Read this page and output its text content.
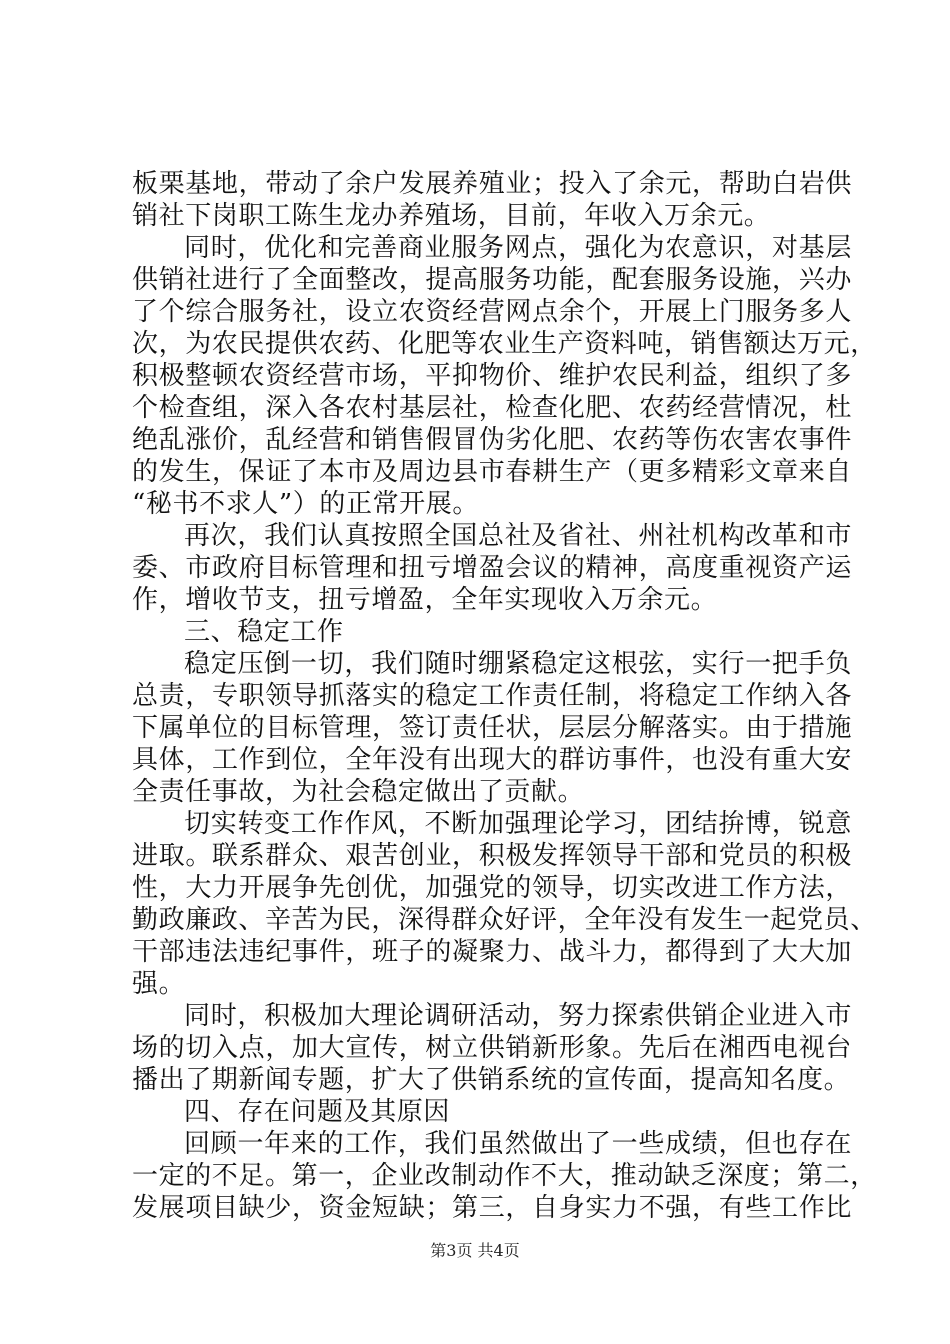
板栗基地，带动了余户发展养殖业；投入了余元，帮助白岩供
销社下岗职工陈生龙办养殖场，目前，年收入万余元。
同时，优化和完善商业服务网点，强化为农意识，对基层
供销社进行了全面整改，提高服务功能，配套服务设施，兴办
了个综合服务社，设立农资经营网点余个，开展上门服务多人
次，为农民提供农药、化肥等农业生产资料吨，销售额达万元，
积极整顿农资经营市场，平抑物价、维护农民利益，组织了多
个检查组，深入各农村基层社，检查化肥、农药经营情况，杜
绝乱涨价，乱经营和销售假冒伪劣化肥、农药等伤农害农事件
的发生，保证了本市及周边县市春耕生产（更多精彩文章来自
“秘书不求人”）的正常开展。
再次，我们认真按照全国总社及省社、州社机构改革和市
委、市政府目标管理和扭亏增盈会议的精神，高度重视资产运
作，增收节支，扭亏增盈，全年实现收入万余元。
三、稳定工作
稳定压倒一切，我们随时绷紧稳定这根弦，实行一把手负
总责，专职领导抓落实的稳定工作责任制，将稳定工作纳入各
下属单位的目标管理，签订责任状，层层分解落实。由于措施
具体，工作到位，全年没有出现大的群访事件，也没有重大安
全责任事故，为社会稳定做出了贡献。
切实转变工作作风，不断加强理论学习，团结拚博，锐意
进取。联系群众、艰苦创业，积极发挥领导干部和党员的积极
性，大力开展争先创优，加强党的领导，切实改进工作方法，
勤政廉政、辛苦为民，深得群众好评，全年没有发生一起党员、
干部违法违纪事件，班子的凝聚力、战斗力，都得到了大大加
强。
同时，积极加大理论调研活动，努力探索供销企业进入市
场的切入点，加大宣传，树立供销新形象。先后在湘西电视台
播出了期新闻专题，扩大了供销系统的宣传面，提高知名度。
四、存在问题及其原因
回顾一年来的工作，我们虽然做出了一些成绩，但也存在
一定的不足。第一，企业改制动作不大，推动缺乏深度；第二，
发展项目缺少，资金短缺；第三，自身实力不强，有些工作比
第3页 共4页
